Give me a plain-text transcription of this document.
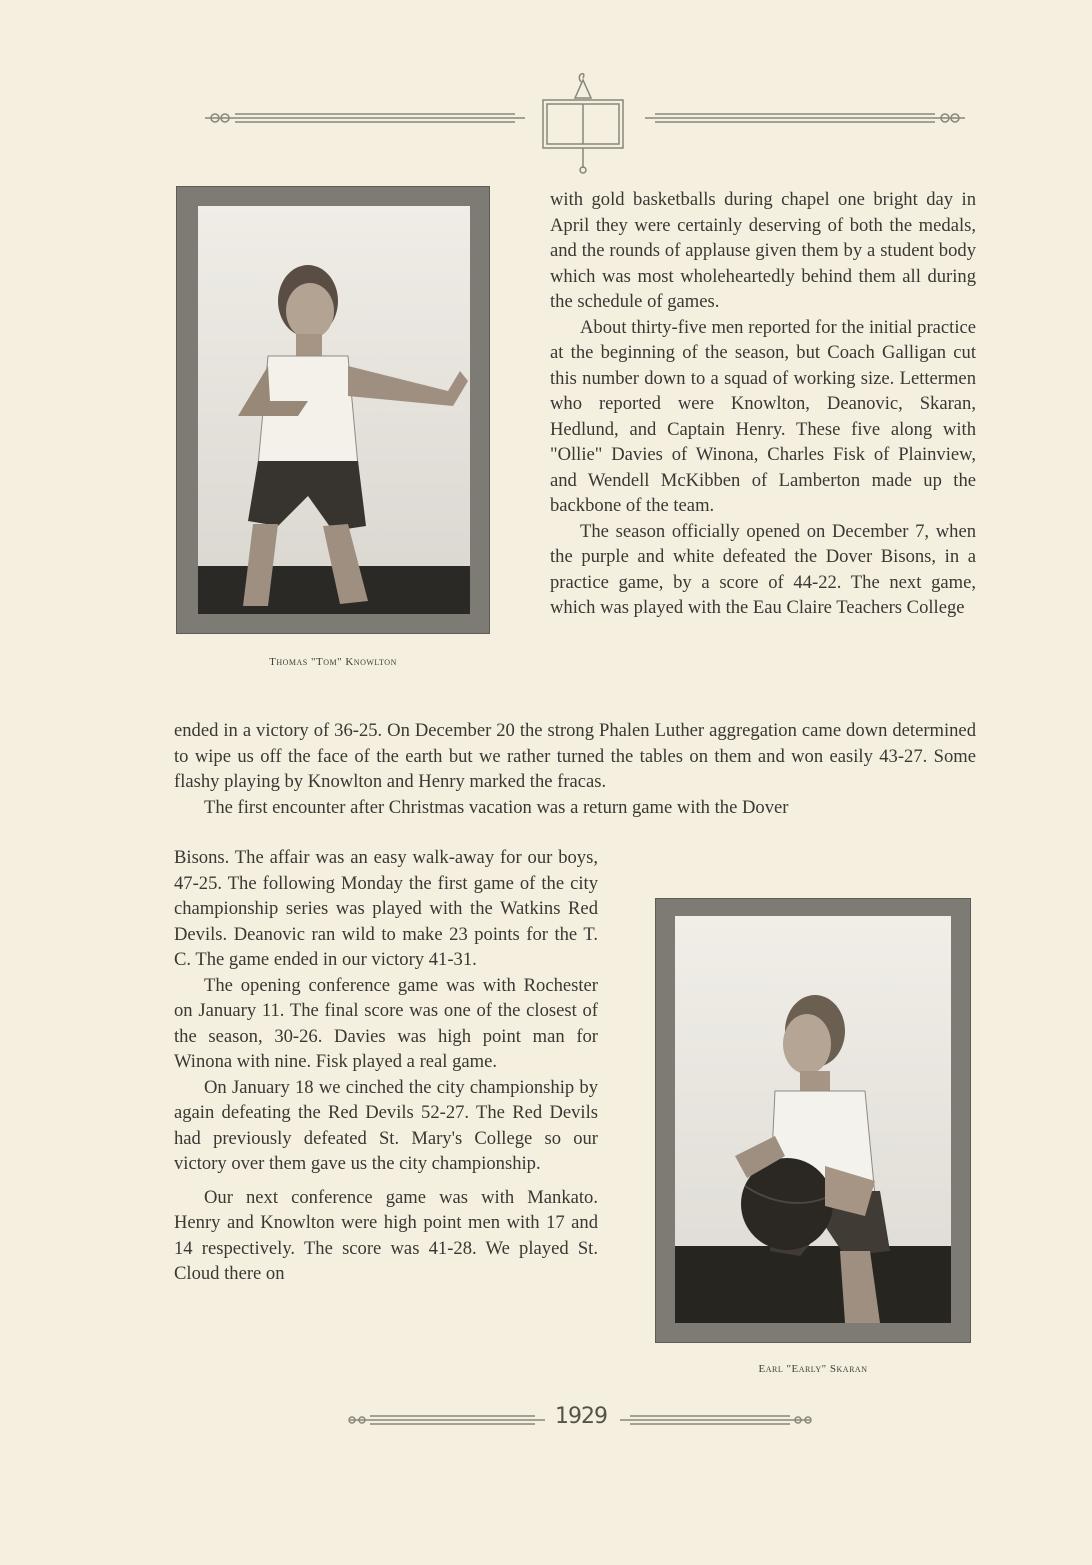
Thomas "Tom" Knowlton
Earl "Early" Skaran

with gold basketballs during chapel one bright day in April they were certainly deserving of both the medals, and the rounds of applause given them by a student body which was most wholeheartedly behind them all during the schedule of games.

About thirty-five men reported for the initial practice at the beginning of the season, but Coach Galligan cut this number down to a squad of working size. Lettermen who reported were Knowlton, Deanovic, Skaran, Hedlund, and Captain Henry. These five along with "Ollie" Davies of Winona, Charles Fisk of Plainview, and Wendell McKibben of Lamberton made up the backbone of the team.

The season officially opened on December 7, when the purple and white defeated the Dover Bisons, in a practice game, by a score of 44-22. The next game, which was played with the Eau Claire Teachers College

ended in a victory of 36-25. On December 20 the strong Phalen Luther aggregation came down determined to wipe us off the face of the earth but we rather turned the tables on them and won easily 43-27. Some flashy playing by Knowlton and Henry marked the fracas.

The first encounter after Christmas vacation was a return game with the Dover

Bisons. The affair was an easy walk-away for our boys, 47-25. The following Monday the first game of the city championship series was played with the Watkins Red Devils. Deanovic ran wild to make 23 points for the T. C. The game ended in our victory 41-31.

The opening conference game was with Rochester on January 11. The final score was one of the closest of the season, 30-26. Davies was high point man for Winona with nine. Fisk played a real game.

On January 18 we cinched the city championship by again defeating the Red Devils 52-27. The Red Devils had previously defeated St. Mary's College so our victory over them gave us the city championship.

Our next conference game was with Mankato. Henry and Knowlton were high point men with 17 and 14 respectively. The score was 41-28. We played St. Cloud there on

1929
